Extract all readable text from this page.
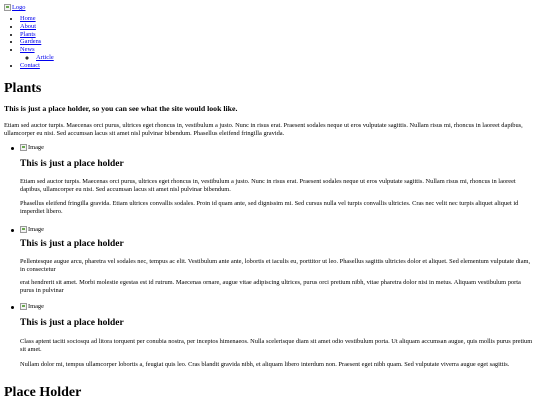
Logo
• Home
• About
• Plants
• Gardens
• News
◦ Article
• Contact
Plants
This is just a place holder, so you can see what the site would look like.

Etiam sed auctor turpis. Maecenas orci purus, ultrices eget rhoncus in, vestibulum a justo. Nunc in risus erat. Praesent sodales neque ut eros vulputate sagittis. Nullam risus mi, rhoncus in laoreet dapibus, ullamcorper eu nisi. Sed accumsan lacus sit amet nisl pulvinar bibendum. Phasellus eleifend fringilla gravida.

Image
This is just a place holder

Etiam sed auctor turpis. Maecenas orci purus, ultrices eget rhoncus in, vestibulum a justo. Nunc in risus erat. Praesent sodales neque ut eros vulputate sagittis. Nullam risus mi, rhoncus in laoreet dapibus, ullamcorper eu nisi. Sed accumsan lacus sit amet nisl pulvinar bibendum.

Phasellus eleifend fringilla gravida. Etiam ultrices convallis sodales. Proin id quam ante, sed dignissim mi. Sed cursus nulla vel turpis convallis ultricies. Cras nec velit nec turpis aliquet aliquet id imperdiet libero.

Image
This is just a place holder

Pellentesque augue arcu, pharetra vel sodales nec, tempus ac elit. Vestibulum ante ante, lobortis et iaculis eu, porttitor ut leo. Phasellus sagittis ultricies dolor et aliquet. Sed elementum vulputate diam, in consectetur

erat hendrerit sit amet. Morbi molestie egestas est id rutrum. Maecenas ornare, augue vitae adipiscing ultrices, purus orci pretium nibh, vitae pharetra dolor nisi in metus. Aliquam vestibulum porta purus in pulvinar

Image
This is just a place holder

Class aptent taciti sociosqu ad litora torquent per conubia nostra, per inceptos himenaeos. Nulla scelerisque diam sit amet odio vestibulum porta. Ut aliquam accumsan augue, quis mollis purus pretium sit amet.

Nullam dolor mi, tempus ullamcorper lobortis a, feugiat quis leo. Cras blandit gravida nibh, et aliquam libero interdum non. Praesent eget nibh quam. Sed vulputate viverra augue eget sagittis.

Place Holder
